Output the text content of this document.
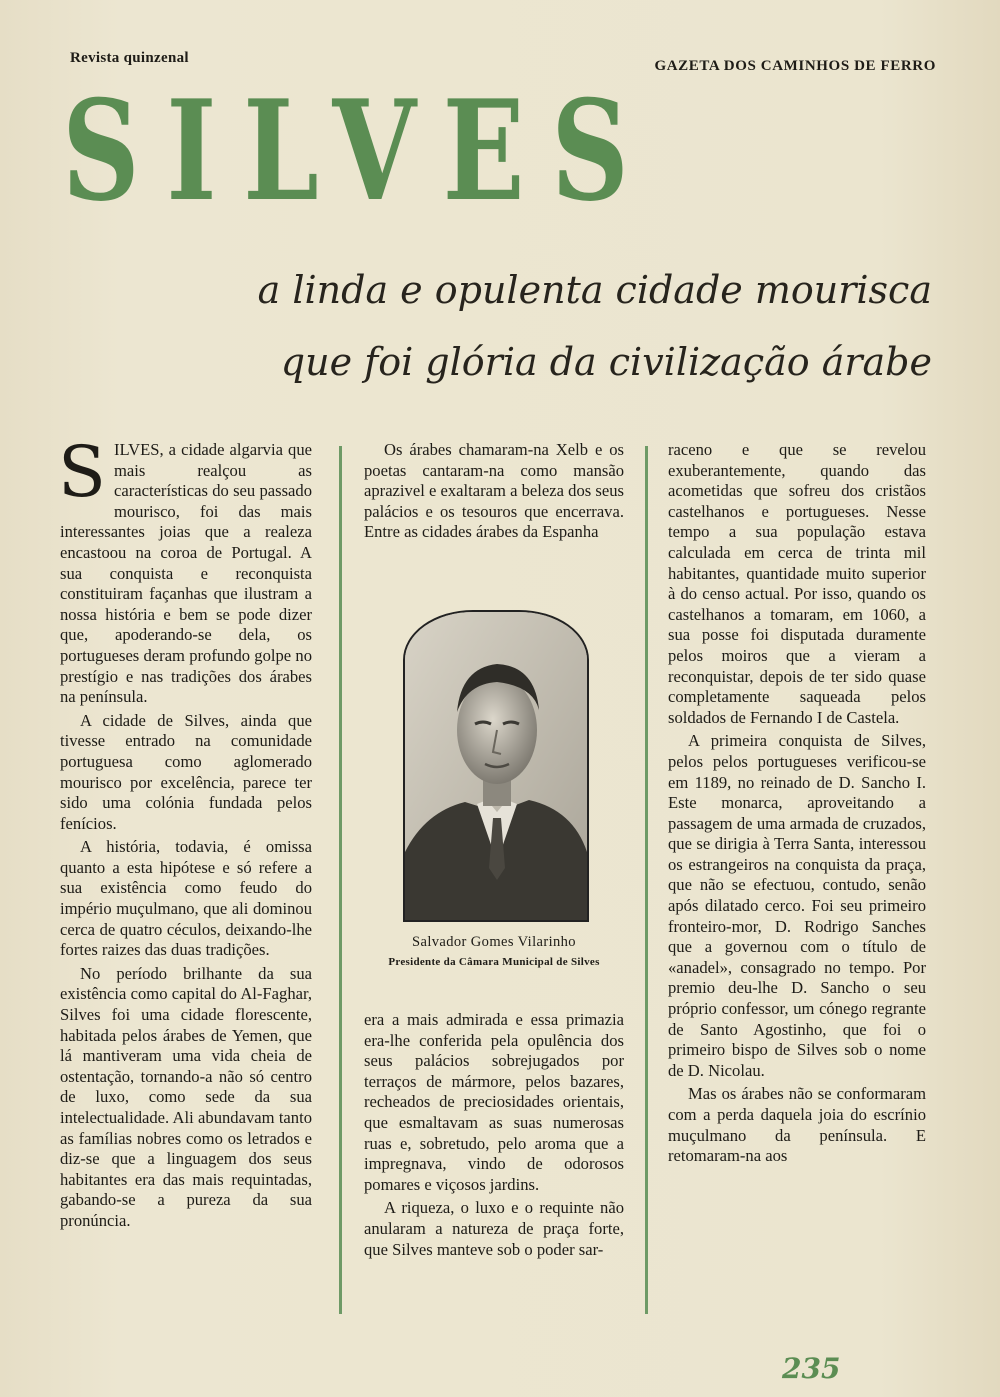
Revista quinzenal	GAZETA DOS CAMINHOS DE FERRO
SILVES
a linda e opulenta cidade mourisca
que foi glória da civilização árabe

SILVES, a cidade algarvia que mais realçou as características do seu passado mourisco, foi das mais interessantes joias que a realeza encastoou na coroa de Portugal. A sua conquista e reconquista constituiram façanhas que ilustram a nossa história e bem se pode dizer que, apoderando-se dela, os portugueses deram profundo golpe no prestígio e nas tradições dos árabes na península.

A cidade de Silves, ainda que tivesse entrado na comunidade portuguesa como aglomerado mourisco por excelência, parece ter sido uma colónia fundada pelos fenícios.

A história, todavia, é omissa quanto a esta hipótese e só refere a sua existência como feudo do império muçulmano, que ali dominou cerca de quatro céculos, deixando-lhe fortes raizes das duas tradições.

No período brilhante da sua existência como capital do Al-Faghar, Silves foi uma cidade florescente, habitada pelos árabes de Yemen, que lá mantiveram uma vida cheia de ostentação, tornando-a não só centro de luxo, como sede da sua intelectualidade. Ali abundavam tanto as famílias nobres como os letrados e diz-se que a linguagem dos seus habitantes era das mais requintadas, gabando-se a pureza da sua pronúncia.

Os árabes chamaram-na Xelb e os poetas cantaram-na como mansão aprazivel e exaltaram a beleza dos seus palácios e os tesouros que encerrava. Entre as cidades árabes da Espanha

Salvador Gomes Vilarinho
Presidente da Câmara Municipal de Silves

era a mais admirada e essa primazia era-lhe conferida pela opulência dos seus palácios sobrejugados por terraços de mármore, pelos bazares, recheados de preciosidades orientais, que esmaltavam as suas numerosas ruas e, sobretudo, pelo aroma que a impregnava, vindo de odorosos pomares e viçosos jardins.

A riqueza, o luxo e o requinte não anularam a natureza de praça forte, que Silves manteve sob o poder sar-

raceno e que se revelou exuberantemente, quando das acometidas que sofreu dos cristãos castelhanos e portugueses. Nesse tempo a sua população estava calculada em cerca de trinta mil habitantes, quantidade muito superior à do censo actual. Por isso, quando os castelhanos a tomaram, em 1060, a sua posse foi disputada duramente pelos moiros que a vieram a reconquistar, depois de ter sido quase completamente saqueada pelos soldados de Fernando I de Castela.

A primeira conquista de Silves, pelos pelos portugueses verificou-se em 1189, no reinado de D. Sancho I. Este monarca, aproveitando a passagem de uma armada de cruzados, que se dirigia à Terra Santa, interessou os estrangeiros na conquista da praça, que não se efectuou, contudo, senão após dilatado cerco. Foi seu primeiro fronteiro-mor, D. Rodrigo Sanches que a governou com o título de «anadel», consagrado no tempo. Por premio deu-lhe D. Sancho o seu próprio confessor, um cónego regrante de Santo Agostinho, que foi o primeiro bispo de Silves sob o nome de D. Nicolau.

Mas os árabes não se conformaram com a perda daquela joia do escrínio muçulmano da península. E retomaram-na aos

235
